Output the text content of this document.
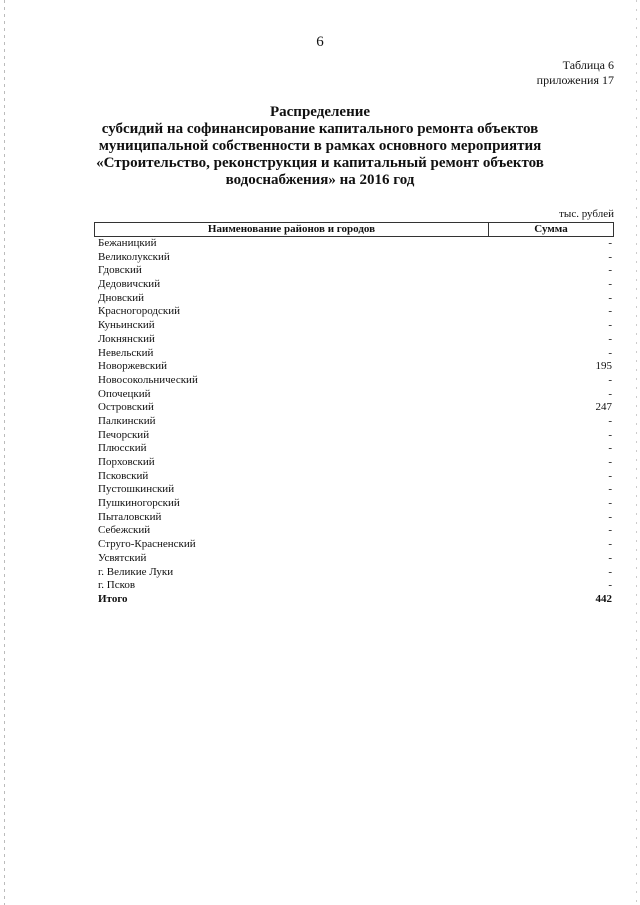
6
Таблица 6
приложения 17
Распределение
субсидий на софинансирование капитального ремонта объектов
муниципальной собственности в рамках основного мероприятия
«Строительство, реконструкция и капитальный ремонт объектов
водоснабжения» на 2016 год
тыс. рублей
Наименование районов и городов	Сумма
Бежаницкий	-
Великолукский	-
Гдовский	-
Дедовичский	-
Дновский	-
Красногородский	-
Куньинский	-
Локнянский	-
Невельский	-
Новоржевский	195
Новосокольнический	-
Опочецкий	-
Островский	247
Палкинский	-
Печорский	-
Плюсский	-
Порховский	-
Псковский	-
Пустошкинский	-
Пушкиногорский	-
Пыталовский	-
Себежский	-
Струго-Красненский	-
Усвятский	-
г. Великие Луки	-
г. Псков	-
Итого	442
